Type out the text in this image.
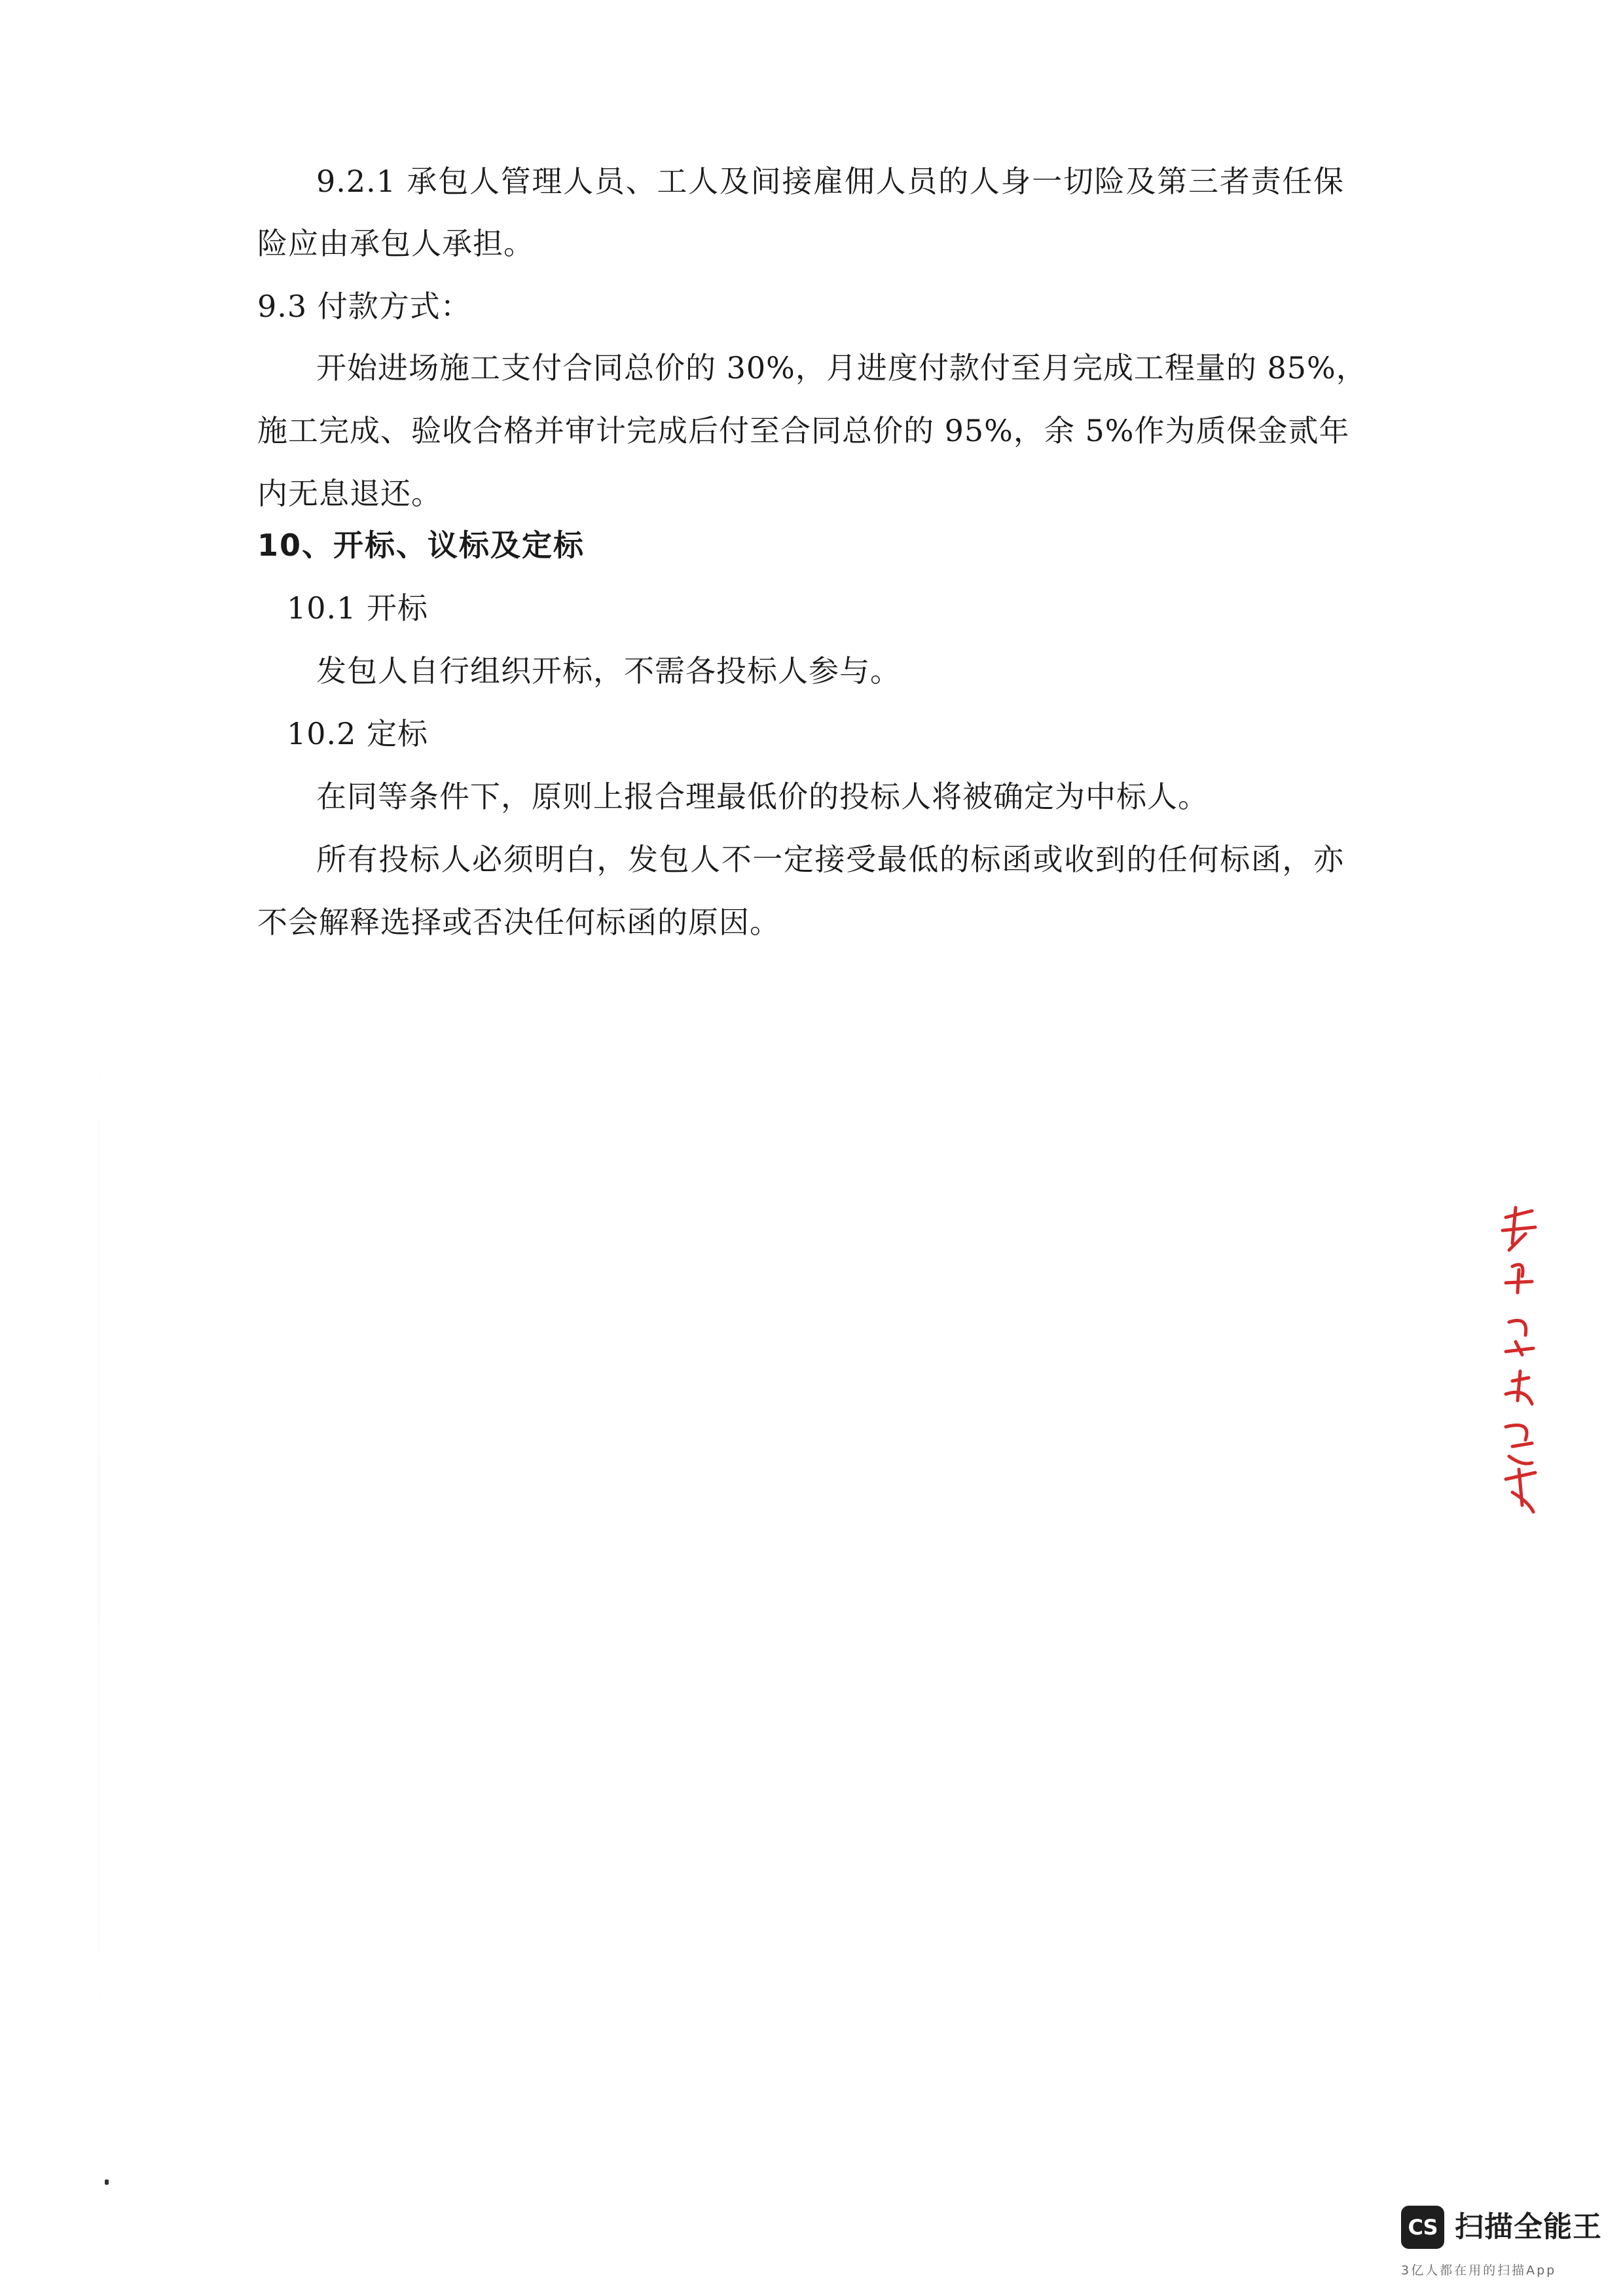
9.2.1 承包人管理人员、工人及间接雇佣人员的人身一切险及第三者责任保
险应由承包人承担。
9.3 付款方式：
开始进场施工支付合同总价的 30%，月进度付款付至月完成工程量的 85%，
施工完成、验收合格并审计完成后付至合同总价的 95%，余 5%作为质保金贰年
内无息退还。
10、开标、议标及定标
10.1 开标
发包人自行组织开标，不需各投标人参与。
10.2 定标
在同等条件下，原则上报合理最低价的投标人将被确定为中标人。
所有投标人必须明白，发包人不一定接受最低的标函或收到的任何标函，亦
不会解释选择或否决任何标函的原因。
CS 扫描全能王
3亿人都在用的扫描App
